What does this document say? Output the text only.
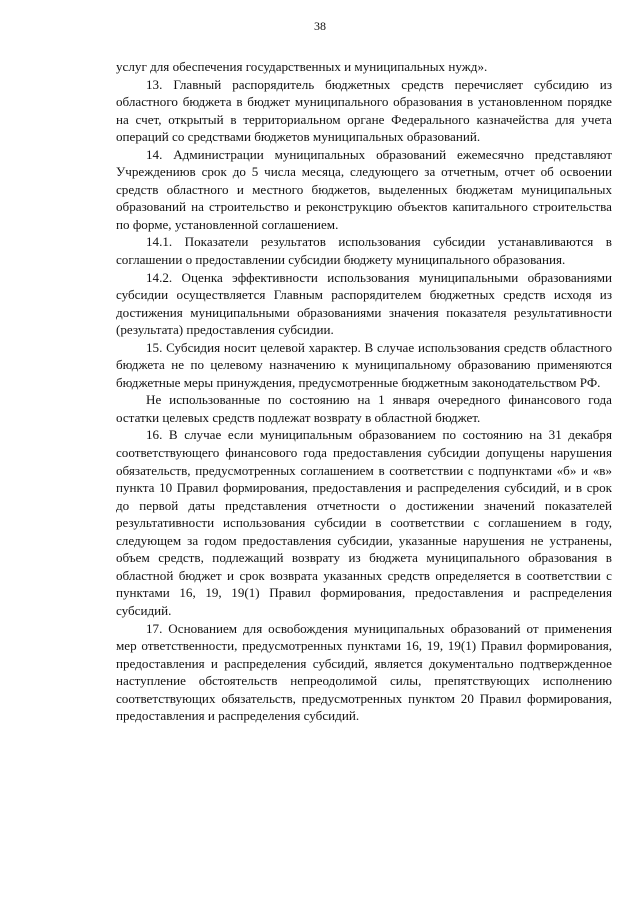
38

услуг для обеспечения государственных и муниципальных нужд».

13. Главный распорядитель бюджетных средств перечисляет субсидию из областного бюджета в бюджет муниципального образования в установленном порядке на счет, открытый в территориальном органе Федерального казначейства для учета операций со средствами бюджетов муниципальных образований.

14. Администрации муниципальных образований ежемесячно представляют Учреждениюв срок до 5 числа месяца, следующего за отчетным, отчет об освоении средств областного и местного бюджетов, выделенных бюджетам муниципальных образований на строительство и реконструкцию объектов капитального строительства по форме, установленной соглашением.

14.1. Показатели результатов использования субсидии устанавливаются в соглашении о предоставлении субсидии бюджету муниципального образования.

14.2. Оценка эффективности использования муниципальными образованиями субсидии осуществляется Главным распорядителем бюджетных средств исходя из достижения муниципальными образованиями значения показателя результативности (результата) предоставления субсидии.

15. Субсидия носит целевой характер. В случае использования средств областного бюджета не по целевому назначению к муниципальному образованию применяются бюджетные меры принуждения, предусмотренные бюджетным законодательством РФ.

Не использованные по состоянию на 1 января очередного финансового года остатки целевых средств подлежат возврату в областной бюджет.

16. В случае если муниципальным образованием по состоянию на 31 декабря соответствующего финансового года предоставления субсидии допущены нарушения обязательств, предусмотренных соглашением в соответствии с подпунктами «б» и «в» пункта 10 Правил формирования, предоставления и распределения субсидий, и в срок до первой даты представления отчетности о достижении значений показателей результативности использования субсидии в соответствии с соглашением в году, следующем за годом предоставления субсидии, указанные нарушения не устранены, объем средств, подлежащий возврату из бюджета муниципального образования в областной бюджет и срок возврата указанных средств определяется в соответствии с пунктами 16, 19, 19(1) Правил формирования, предоставления и распределения субсидий.

17. Основанием для освобождения муниципальных образований от применения мер ответственности, предусмотренных пунктами 16, 19, 19(1) Правил формирования, предоставления и распределения субсидий, является документально подтвержденное наступление обстоятельств непреодолимой силы, препятствующих исполнению соответствующих обязательств, предусмотренных пунктом 20 Правил формирования, предоставления и распределения субсидий.
